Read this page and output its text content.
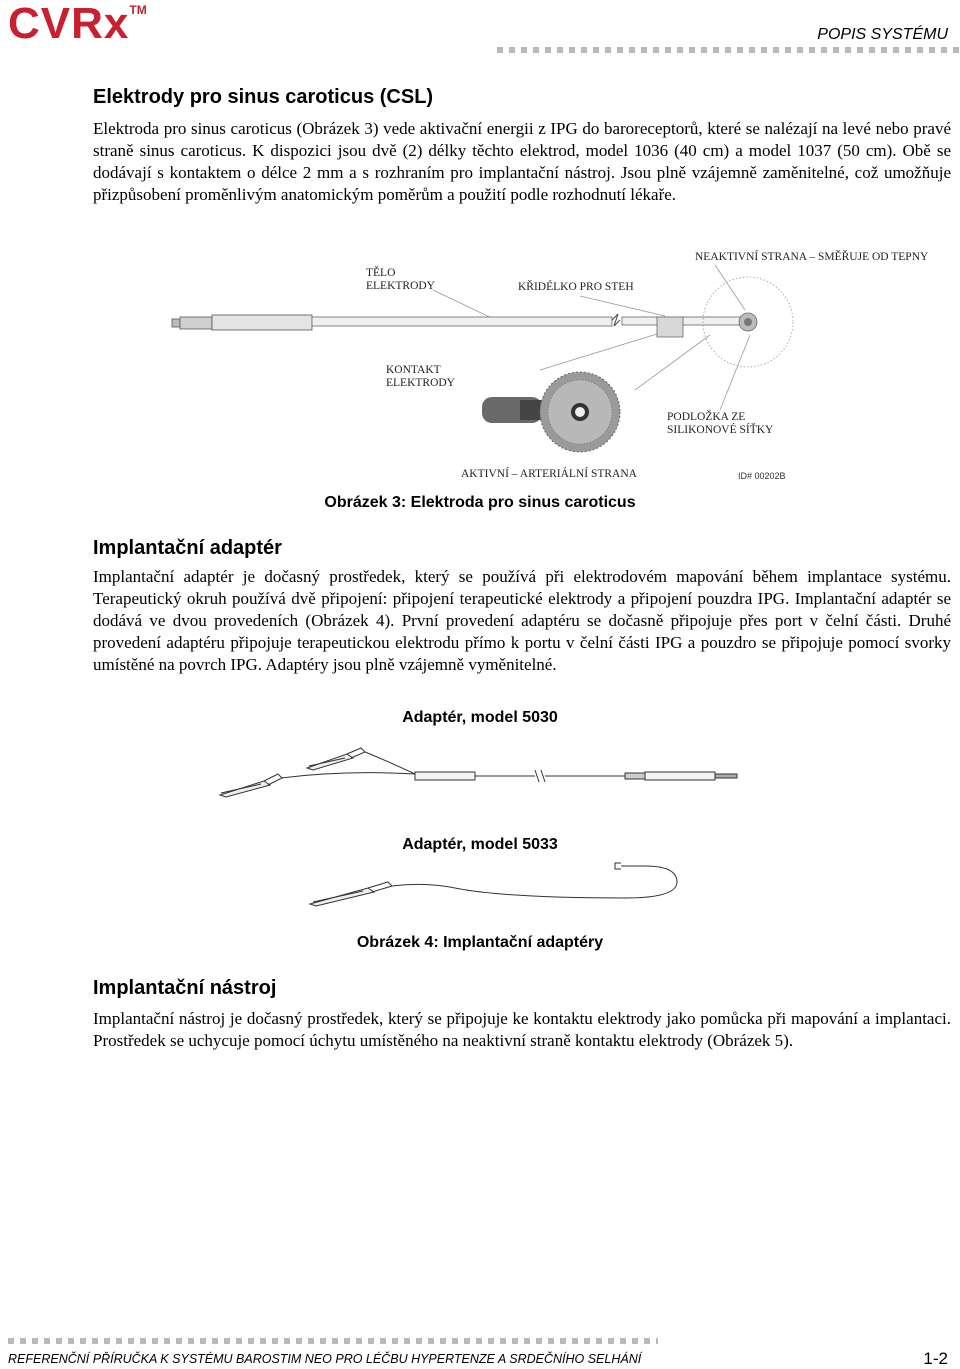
CVRx™
POPIS SYSTÉMU
Elektrody pro sinus caroticus (CSL)
Elektroda pro sinus caroticus (Obrázek 3) vede aktivační energii z IPG do baroreceptorů, které se nalézají na levé nebo pravé straně sinus caroticus. K dispozici jsou dvě (2) délky těchto elektrod, model 1036 (40 cm) a model 1037 (50 cm). Obě se dodávají s kontaktem o délce 2 mm a s rozhraním pro implantační nástroj. Jsou plně vzájemně zaměnitelné, což umožňuje přizpůsobení proměnlivým anatomickým poměrům a použití podle rozhodnutí lékaře.
TĚLO
ELEKTRODY	KŘIDÉLKO PRO STEH
NEAKTIVNÍ STRANA – SMĚŘUJE OD TEPNY
KONTAKT
ELEKTRODY
PODLOŽKA ZE
SILIKONOVÉ SÍŤKY
AKTIVNÍ – ARTERIÁLNÍ STRANA	ID# 00202B
Obrázek 3: Elektroda pro sinus caroticus
Implantační adaptér
Implantační adaptér je dočasný prostředek, který se používá při elektrodovém mapování během implantace systému. Terapeutický okruh používá dvě připojení: připojení terapeutické elektrody a připojení pouzdra IPG. Implantační adaptér se dodává ve dvou provedeních (Obrázek 4). První provedení adaptéru se dočasně připojuje přes port v čelní části. Druhé provedení adaptéru připojuje terapeutickou elektrodu přímo k portu v čelní části IPG a pouzdro se připojuje pomocí svorky umístěné na povrch IPG. Adaptéry jsou plně vzájemně vyměnitelné.
Adaptér, model 5030
Adaptér, model 5033
Obrázek 4: Implantační adaptéry
Implantační nástroj
Implantační nástroj je dočasný prostředek, který se připojuje ke kontaktu elektrody jako pomůcka při mapování a implantaci. Prostředek se uchycuje pomocí úchytu umístěného na neaktivní straně kontaktu elektrody (Obrázek 5).
REFERENČNÍ PŘÍRUČKA K SYSTÉMU BAROSTIM NEO PRO LÉČBU HYPERTENZE A SRDEČNÍHO SELHÁNÍ	1-2
